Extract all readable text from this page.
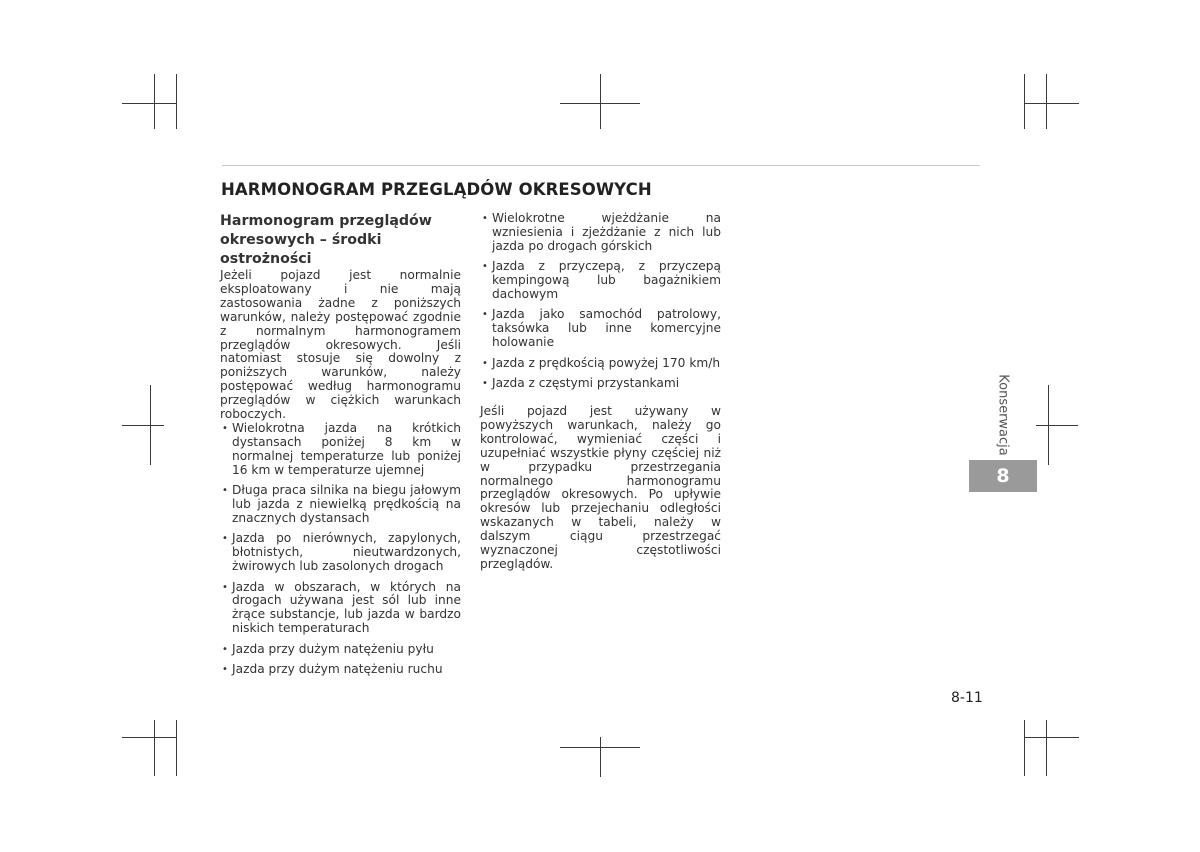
HARMONOGRAM PRZEGLĄDÓW OKRESOWYCH
Harmonogram przeglądów
okresowych – środki ostrożności

Jeżeli pojazd jest normalnie eksploatowany i nie mają zastosowania żadne z poniższych warunków, należy postępować zgodnie z normalnym harmonogramem przeglądów okresowych. Jeśli natomiast stosuje się dowolny z poniższych warunków, należy postępować według harmonogramu przeglądów w ciężkich warunkach roboczych.

• Wielokrotna jazda na krótkich dystansach poniżej 8 km w normalnej temperaturze lub poniżej 16 km w temperaturze ujemnej
• Długa praca silnika na biegu jałowym lub jazda z niewielką prędkością na znacznych dystansach
• Jazda po nierównych, zapylonych, błotnistych, nieutwardzonych, żwirowych lub zasolonych drogach
• Jazda w obszarach, w których na drogach używana jest sól lub inne żrące substancje, lub jazda w bardzo niskich temperaturach
• Jazda przy dużym natężeniu pyłu
• Jazda przy dużym natężeniu ruchu
• Wielokrotne wjeżdżanie na wzniesienia i zjeżdżanie z nich lub jazda po drogach górskich
• Jazda z przyczepą, z przyczepą kempingową lub bagażnikiem dachowym
• Jazda jako samochód patrolowy, taksówka lub inne komercyjne holowanie
• Jazda z prędkością powyżej 170 km/h
• Jazda z częstymi przystankami

Jeśli pojazd jest używany w powyższych warunkach, należy go kontrolować, wymieniać części i uzupełniać wszystkie płyny częściej niż w przypadku przestrzegania normalnego harmonogramu przeglądów okresowych. Po upływie okresów lub przejechaniu odległości wskazanych w tabeli, należy w dalszym ciągu przestrzegać wyznaczonej częstotliwości przeglądów.

Konserwacja
8
8-11
